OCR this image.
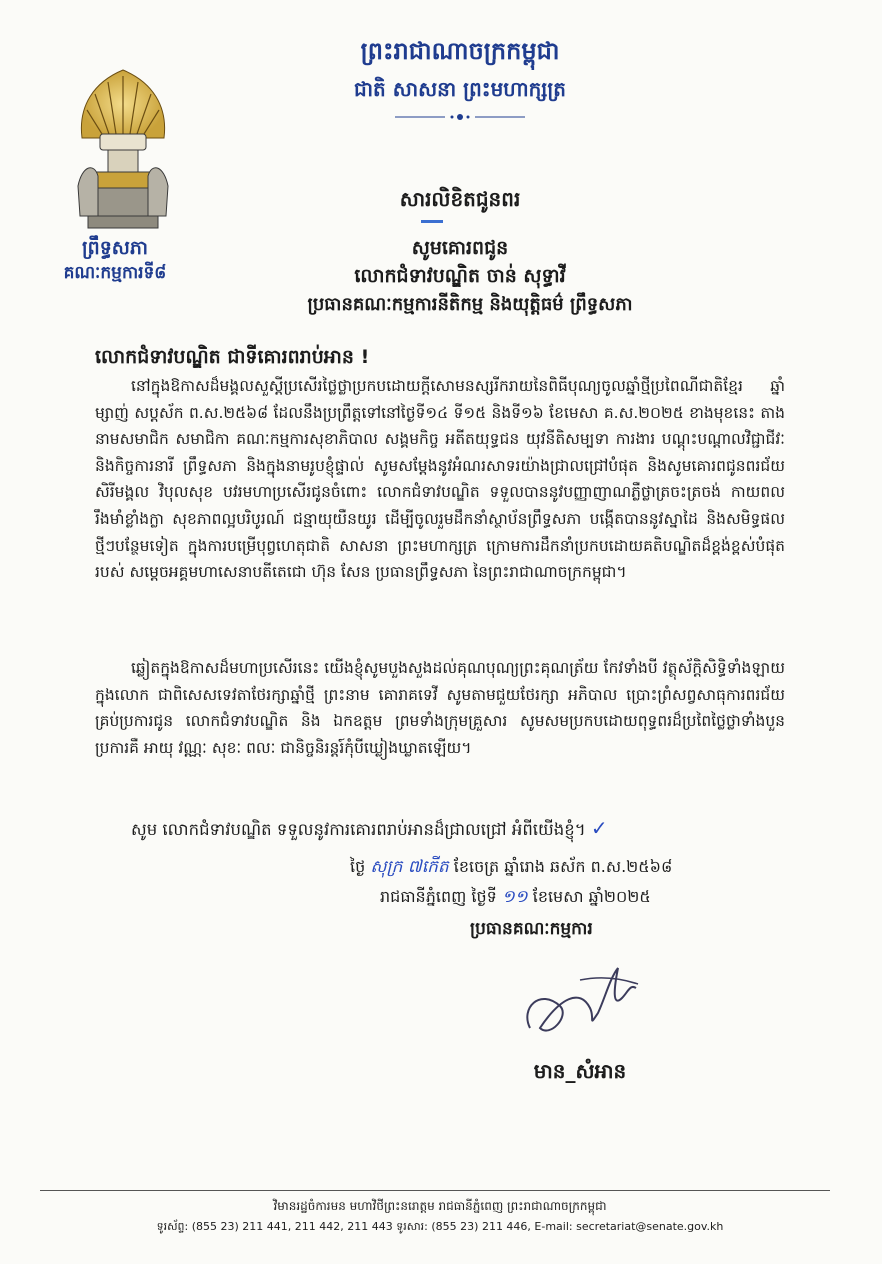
ព្រះរាជាណាចក្រកម្ពុជា
ជាតិ សាសនា ព្រះមហាក្សត្រ
ព្រឹទ្ធសភា
គណៈកម្មការទី៨
សារលិខិតជូនពរ
សូមគោរពជូន
លោកជំទាវបណ្ឌិត ចាន់ សុទ្ធាវី
ប្រធានគណៈកម្មការនីតិកម្ម និងយុត្តិធម៌ ព្រឹទ្ធសភា
លោកជំទាវបណ្ឌិត ជាទីគោរពរាប់អាន !
នៅក្នុងឱកាសដ៏មង្គលសួស្តីប្រសើរថ្លៃថ្លាប្រកបដោយក្តីសោមនស្សរីករាយនៃពិធីបុណ្យចូលឆ្នាំថ្មីប្រពៃណីជាតិខ្មែរ ឆ្នាំម្សាញ់ សប្តស័ក ព.ស.២៥៦៨ ដែលនឹងប្រព្រឹត្តទៅនៅថ្ងៃទី១៤ ទី១៥ និងទី១៦ ខែមេសា គ.ស.២០២៥ ខាងមុខនេះ តាងនាមសមាជិក សមាជិកា គណៈកម្មការសុខាភិបាល សង្គមកិច្ច អតីតយុទ្ធជន យុវនីតិសម្បទា ការងារ បណ្តុះបណ្តាលវិជ្ជាជីវៈ និងកិច្ចការនារី ព្រឹទ្ធសភា និងក្នុងនាមរូបខ្ញុំផ្ទាល់ សូមសម្តែងនូវអំណរសាទរយ៉ាងជ្រាលជ្រៅបំផុត និងសូមគោរពជូនពរជ័យ សិរីមង្គល វិបុលសុខ បវរមហាប្រសើរជូនចំពោះ លោកជំទាវបណ្ឌិត ទទួលបាននូវបញ្ញាញាណភ្លឺថ្លាត្រចះត្រចង់ កាយពលរឹងមាំខ្លាំងក្លា សុខភាពល្អបរិបូរណ៍ ជន្មាយុយឺនយូរ ដើម្បីចូលរួមដឹកនាំស្ថាប័នព្រឹទ្ធសភា បង្កើតបាននូវស្នាដៃ និងសមិទ្ធផលថ្មីៗបន្ថែមទៀត ក្នុងការបម្រើបុព្វហេតុជាតិ សាសនា ព្រះមហាក្សត្រ ក្រោមការដឹកនាំប្រកបដោយគតិបណ្ឌិតដ៏ខ្ពង់ខ្ពស់បំផុតរបស់ សម្តេចអគ្គមហាសេនាបតីតេជោ ហ៊ុន សែន ប្រធានព្រឹទ្ធសភា នៃព្រះរាជាណាចក្រកម្ពុជា។
ឆ្លៀតក្នុងឱកាសដ៏មហាប្រសើរនេះ យើងខ្ញុំសូមបួងសួងដល់គុណបុណ្យព្រះគុណត្រ័យ កែវទាំងបី វត្ថុស័ក្តិសិទ្ធិទាំងឡាយក្នុងលោក ជាពិសេសទេវតាថែរក្សាឆ្នាំថ្មី ព្រះនាម គោរាគទេវី សូមតាមជួយថែរក្សា អភិបាល ប្រោះព្រំសព្វសាធុការពរជ័យគ្រប់ប្រការជូន លោកជំទាវបណ្ឌិត និង ឯកឧត្តម ព្រមទាំងក្រុមគ្រួសារ សូមសមប្រកបដោយពុទ្ធពរដ៏ប្រពៃថ្លៃថ្លាទាំងបួនប្រការគឺ អាយុ វណ្ណៈ សុខៈ ពលៈ ជានិច្ចនិរន្តរ៍កុំបីឃ្លៀងឃ្លាតឡើយ។
សូម លោកជំទាវបណ្ឌិត ទទួលនូវការគោរពរាប់អានដ៏ជ្រាលជ្រៅ អំពីយើងខ្ញុំ។ ✓
ថ្ងៃ សុក្រ ៧កើត ខែចេត្រ ឆ្នាំរោង ឆស័ក ព.ស.២៥៦៨
រាជធានីភ្នំពេញ ថ្ងៃទី ១១ ខែមេសា ឆ្នាំ២០២៥
ប្រធានគណៈកម្មការ
មាន_សំអាន
វិមានរដ្ឋចំការមន មហាវិថីព្រះនរោត្តម រាជធានីភ្នំពេញ ព្រះរាជាណាចក្រកម្ពុជា
ទូរស័ព្ទ: (855 23) 211 441, 211 442, 211 443 ទូរសារ: (855 23) 211 446, E-mail: secretariat@senate.gov.kh
